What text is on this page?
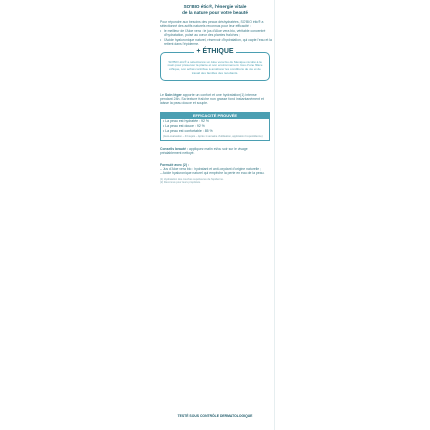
SO'BIO étic®, l'énergie vitale
de la nature pour votre beauté
Pour répondre aux besoins des peaux déshydratées, SO'BIO étic® a sélectionné des actifs naturels reconnus pour leur efficacité :
• le meilleur de l'Aloe vera : le jus d'Aloe vera bio, véritable concentré d'hydratation, puisé au cœur des plantes fraîches ;
• l'Acide hyaluronique naturel, réservoir d'hydratation, qui capte l'eau et la retient dans l'épiderme.
+ ÉTHIQUE
SO'BIO étic® a sélectionné un Aloe vera bio du Mexique récolté à la main pour préserver la plante et son environnement. Issu d'une filière éthique, son achat contribue à améliorer les conditions de vie et de travail des familles des récoltants.
Le Soin léger apporte un confort et une hydratation(1) intense pendant 24h. Sa texture fraîche non grasse fond instantanément et laisse la peau douce et souple.
EFFICACITÉ PROUVÉE
• La peau est hydratée : 92 %
• La peau est douce : 92 %
• La peau est confortable : 85 %
(Auto-évaluation – 43 sujets – Après 1 semaine d'utilisation, application bi-quotidienne)
Conseils beauté : appliquez matin et/ou soir sur le visage préalablement nettoyé.
Formulé avec (2) :
– Jus d'Aloe vera bio : hydratant et anti-oxydant d'origine naturelle ;
– Acide hyaluronique naturel qui empêche la perte en eau de la peau.
(1) Hydratation des couches supérieures de l'épiderme.
(2) Reconnus pour leurs propriétés.
TESTÉ SOUS CONTRÔLE DERMATOLOGIQUE
